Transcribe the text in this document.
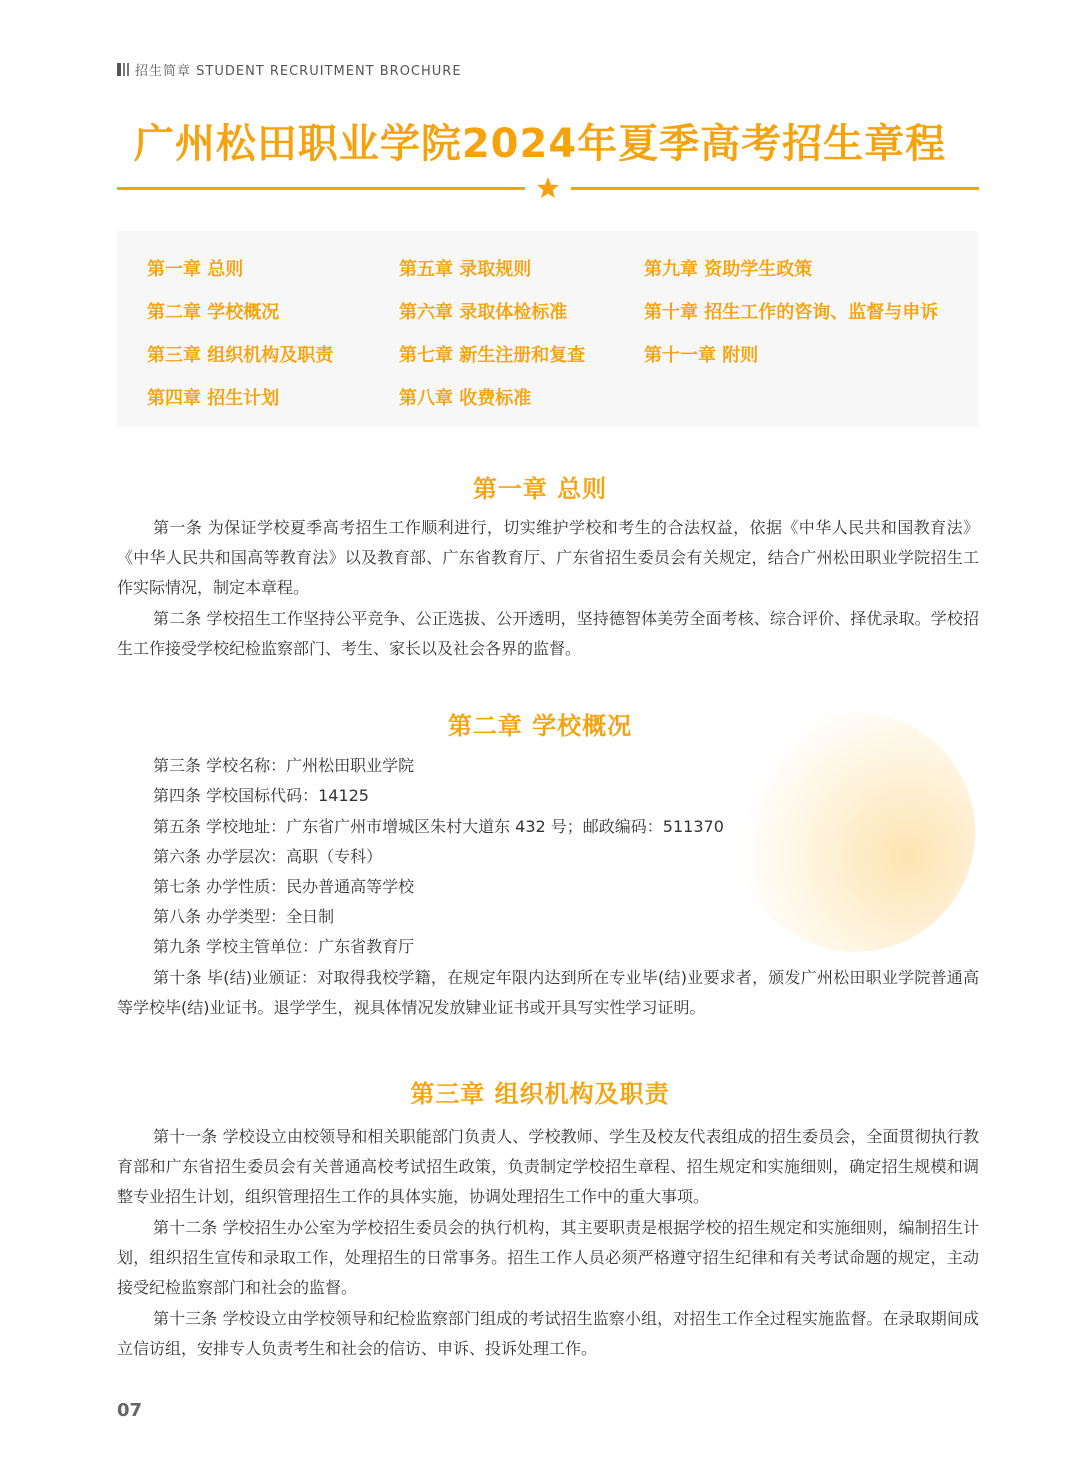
招生简章 STUDENT RECRUITMENT BROCHURE
广州松田职业学院2024年夏季高考招生章程
第一章 总则
第二章 学校概况
第三章 组织机构及职责
第四章 招生计划
第五章 录取规则
第六章 录取体检标准
第七章 新生注册和复查
第八章 收费标准
第九章 资助学生政策
第十章 招生工作的咨询、监督与申诉
第十一章 附则
第一章 总则

第一条 为保证学校夏季高考招生工作顺利进行，切实维护学校和考生的合法权益，依据《中华人民共和国教育法》《中华人民共和国高等教育法》以及教育部、广东省教育厅、广东省招生委员会有关规定，结合广州松田职业学院招生工作实际情况，制定本章程。

第二条 学校招生工作坚持公平竞争、公正选拔、公开透明，坚持德智体美劳全面考核、综合评价、择优录取。学校招生工作接受学校纪检监察部门、考生、家长以及社会各界的监督。

第二章 学校概况

第三条 学校名称：广州松田职业学院

第四条 学校国标代码：14125

第五条 学校地址：广东省广州市增城区朱村大道东 432 号；邮政编码：511370

第六条 办学层次：高职（专科）

第七条 办学性质：民办普通高等学校

第八条 办学类型：全日制

第九条 学校主管单位：广东省教育厅

第十条 毕(结)业颁证：对取得我校学籍，在规定年限内达到所在专业毕(结)业要求者，颁发广州松田职业学院普通高等学校毕(结)业证书。退学学生，视具体情况发放肄业证书或开具写实性学习证明。

第三章 组织机构及职责

第十一条 学校设立由校领导和相关职能部门负责人、学校教师、学生及校友代表组成的招生委员会，全面贯彻执行教育部和广东省招生委员会有关普通高校考试招生政策，负责制定学校招生章程、招生规定和实施细则，确定招生规模和调整专业招生计划，组织管理招生工作的具体实施，协调处理招生工作中的重大事项。

第十二条 学校招生办公室为学校招生委员会的执行机构，其主要职责是根据学校的招生规定和实施细则，编制招生计划，组织招生宣传和录取工作，处理招生的日常事务。招生工作人员必须严格遵守招生纪律和有关考试命题的规定，主动接受纪检监察部门和社会的监督。

第十三条 学校设立由学校领导和纪检监察部门组成的考试招生监察小组，对招生工作全过程实施监督。在录取期间成立信访组，安排专人负责考生和社会的信访、申诉、投诉处理工作。

07
